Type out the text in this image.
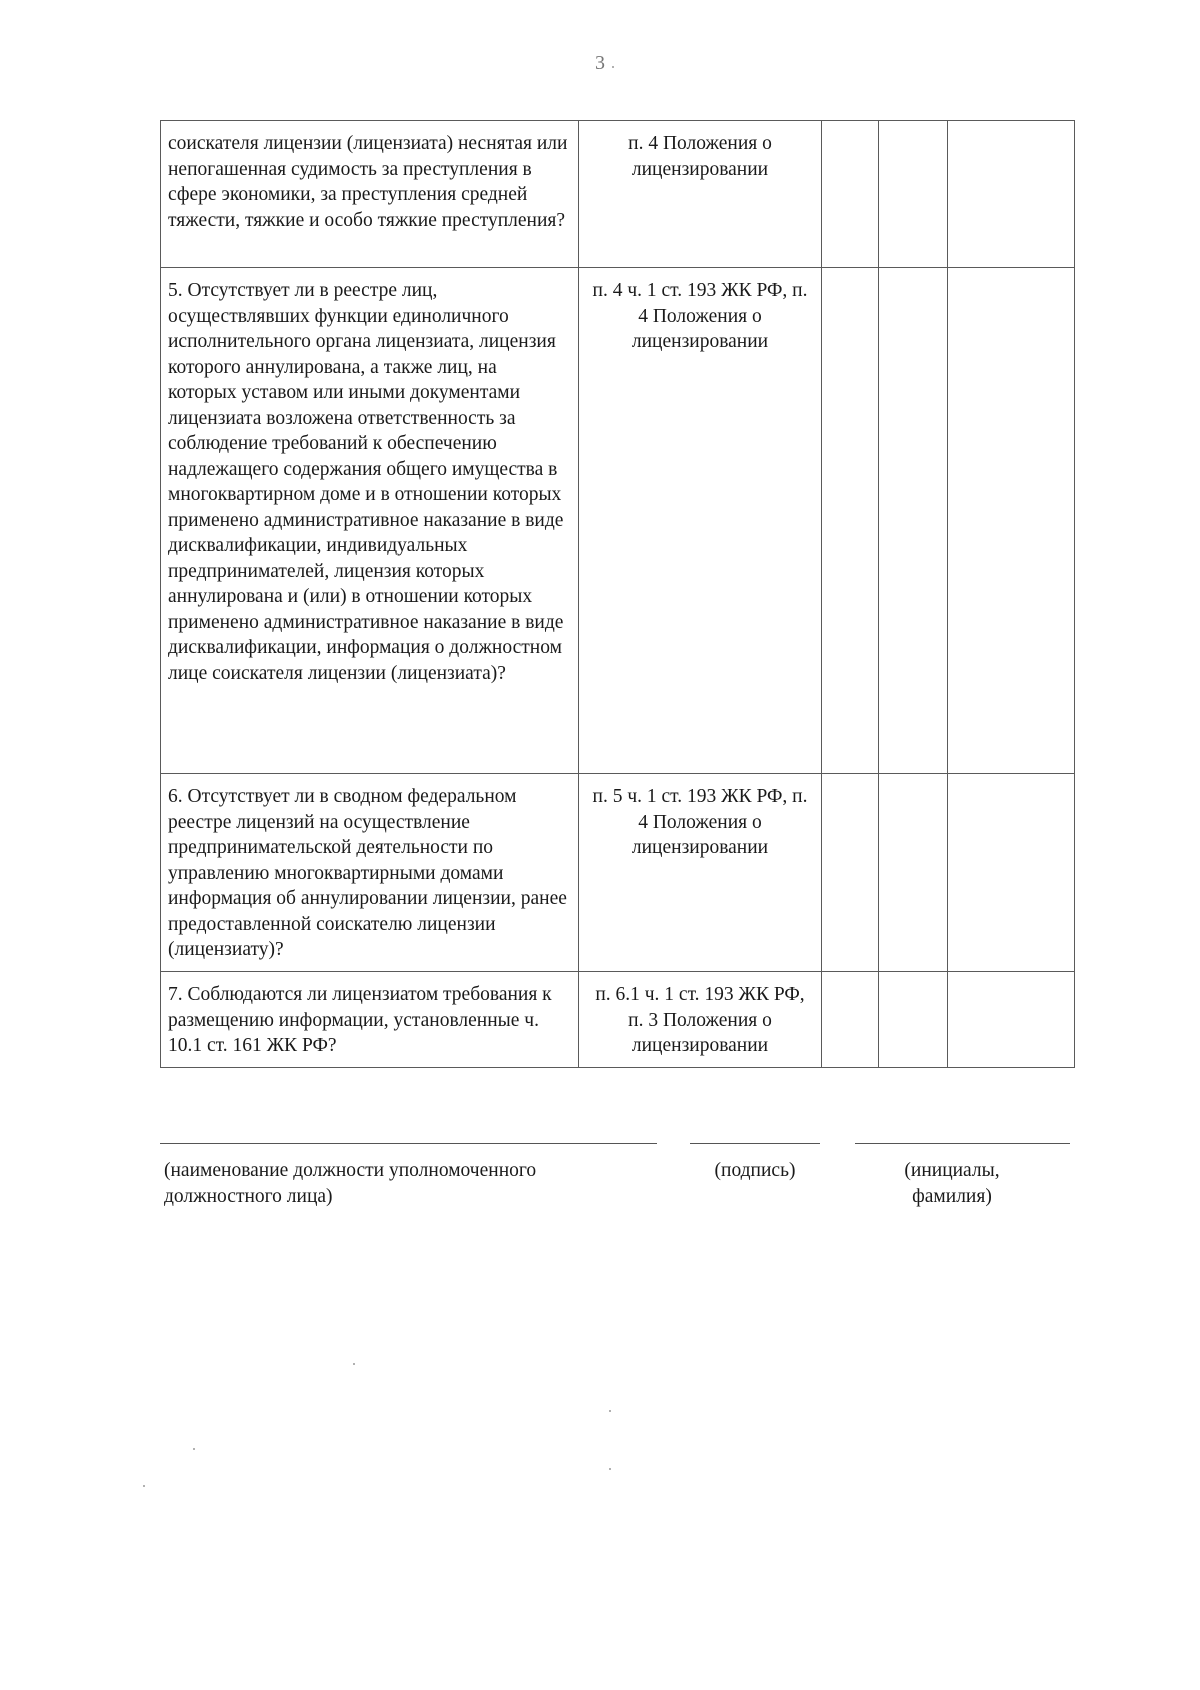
3
соискателя лицензии (лицензиата) неснятая или непогашенная судимость за преступления в сфере экономики, за преступления средней тяжести, тяжкие и особо тяжкие преступления?	п. 4 Положения о лицензировании			
5. Отсутствует ли в реестре лиц, осуществлявших функции единоличного исполнительного органа лицензиата, лицензия которого аннулирована, а также лиц, на которых уставом или иными документами лицензиата возложена ответственность за соблюдение требований к обеспечению надлежащего содержания общего имущества в многоквартирном доме и в отношении которых применено административное наказание в виде дисквалификации, индивидуальных предпринимателей, лицензия которых аннулирована и (или) в отношении которых применено административное наказание в виде дисквалификации, информация о должностном лице соискателя лицензии (лицензиата)?	п. 4 ч. 1 ст. 193 ЖК РФ, п. 4 Положения о лицензировании			
6. Отсутствует ли в сводном федеральном реестре лицензий на осуществление предпринимательской деятельности по управлению многоквартирными домами информация об аннулировании лицензии, ранее предоставленной соискателю лицензии (лицензиату)?	п. 5 ч. 1 ст. 193 ЖК РФ, п. 4 Положения о лицензировании			
7. Соблюдаются ли лицензиатом требования к размещению информации, установленные ч. 10.1 ст. 161 ЖК РФ?	п. 6.1 ч. 1 ст. 193 ЖК РФ, п. 3 Положения о лицензировании			
(наименование должности уполномоченного должностного лица)
(подпись)	(инициалы, фамилия)
